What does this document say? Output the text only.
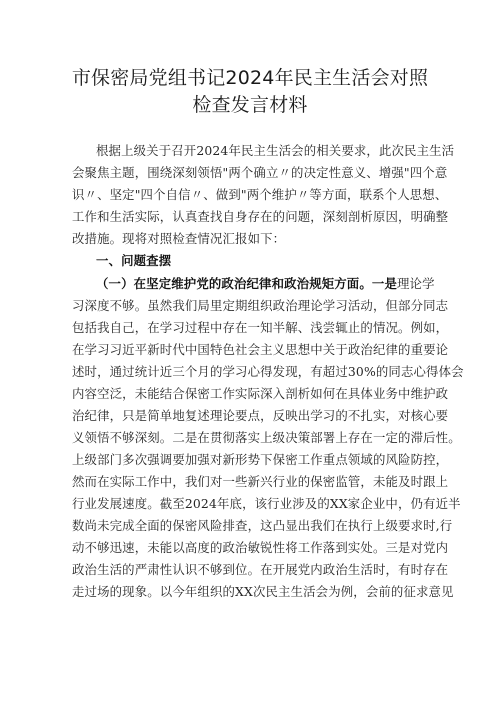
市保密局党组书记2024年民主生活会对照
检查发言材料

根据上级关于召开2024年民主生活会的相关要求，此次民主生活

会聚焦主题，围绕深刻领悟"两个确立〃的决定性意义、增强"四个意

识〃、坚定"四个自信〃、做到"两个维护〃等方面，联系个人思想、

工作和生活实际，认真查找自身存在的问题，深刻剖析原因，明确整

改措施。现将对照检查情况汇报如下：

一、问题查摆

（一）在坚定维护党的政治纪律和政治规矩方面。一是理论学

习深度不够。虽然我们局里定期组织政治理论学习活动，但部分同志

包括我自己，在学习过程中存在一知半解、浅尝辄止的情况。例如，

在学习习近平新时代中国特色社会主义思想中关于政治纪律的重要论

述时，通过统计近三个月的学习心得发现，有超过30%的同志心得体会

内容空泛，未能结合保密工作实际深入剖析如何在具体业务中维护政

治纪律，只是简单地复述理论要点，反映出学习的不扎实，对核心要

义领悟不够深刻。二是在贯彻落实上级决策部署上存在一定的滞后性。

上级部门多次强调要加强对新形势下保密工作重点领域的风险防控，

然而在实际工作中，我们对一些新兴行业的保密监管，未能及时跟上

行业发展速度。截至2024年底，该行业涉及的XX家企业中，仍有近半

数尚未完成全面的保密风险排查，这凸显出我们在执行上级要求时,行

动不够迅速，未能以高度的政治敏锐性将工作落到实处。三是对党内

政治生活的严肃性认识不够到位。在开展党内政治生活时，有时存在

走过场的现象。以今年组织的XX次民主生活会为例，会前的征求意见
